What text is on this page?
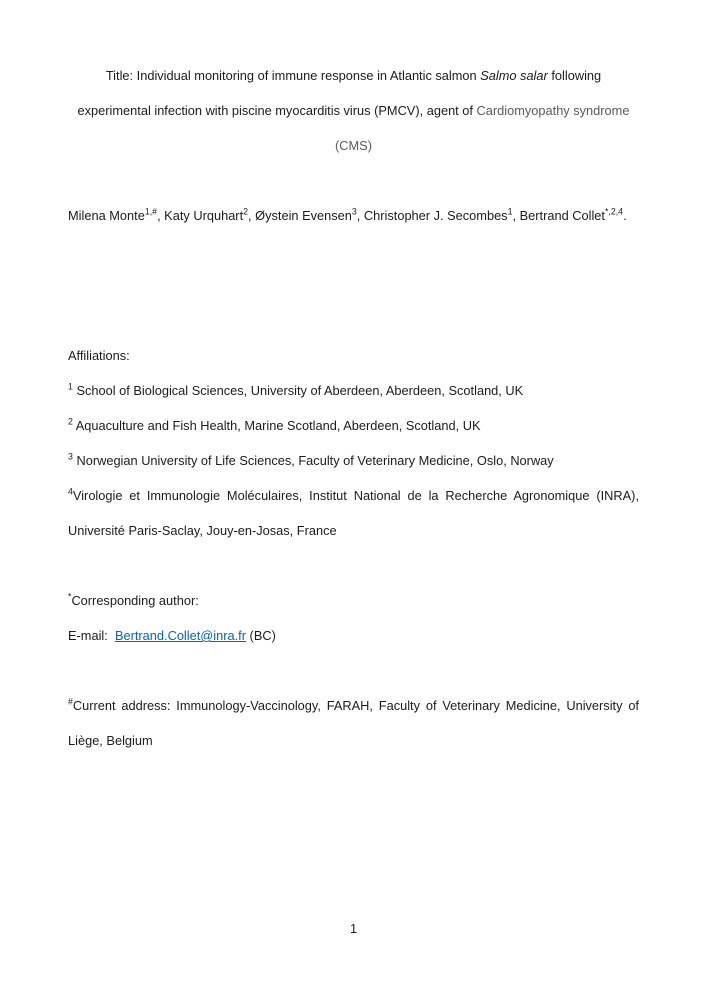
Title: Individual monitoring of immune response in Atlantic salmon Salmo salar following
experimental infection with piscine myocarditis virus (PMCV), agent of Cardiomyopathy syndrome
(CMS)
Milena Monte$^{1,\#}$, Katy Urquhart$^2$, Øystein Evensen$^3$, Christopher J. Secombes$^1$, Bertrand Collet$^{*,2,4}$.
Affiliations:
$^1$ School of Biological Sciences, University of Aberdeen, Aberdeen, Scotland, UK
$^2$ Aquaculture and Fish Health, Marine Scotland, Aberdeen, Scotland, UK
$^3$ Norwegian University of Life Sciences, Faculty of Veterinary Medicine, Oslo, Norway
$^4$Virologie et Immunologie Moléculaires, Institut National de la Recherche Agronomique (INRA),
Université Paris-Saclay, Jouy-en-Josas, France
*Corresponding author:
E-mail:  Bertrand.Collet@inra.fr (BC)
#Current address: Immunology-Vaccinology, FARAH, Faculty of Veterinary Medicine, University of
Liège, Belgium
1
